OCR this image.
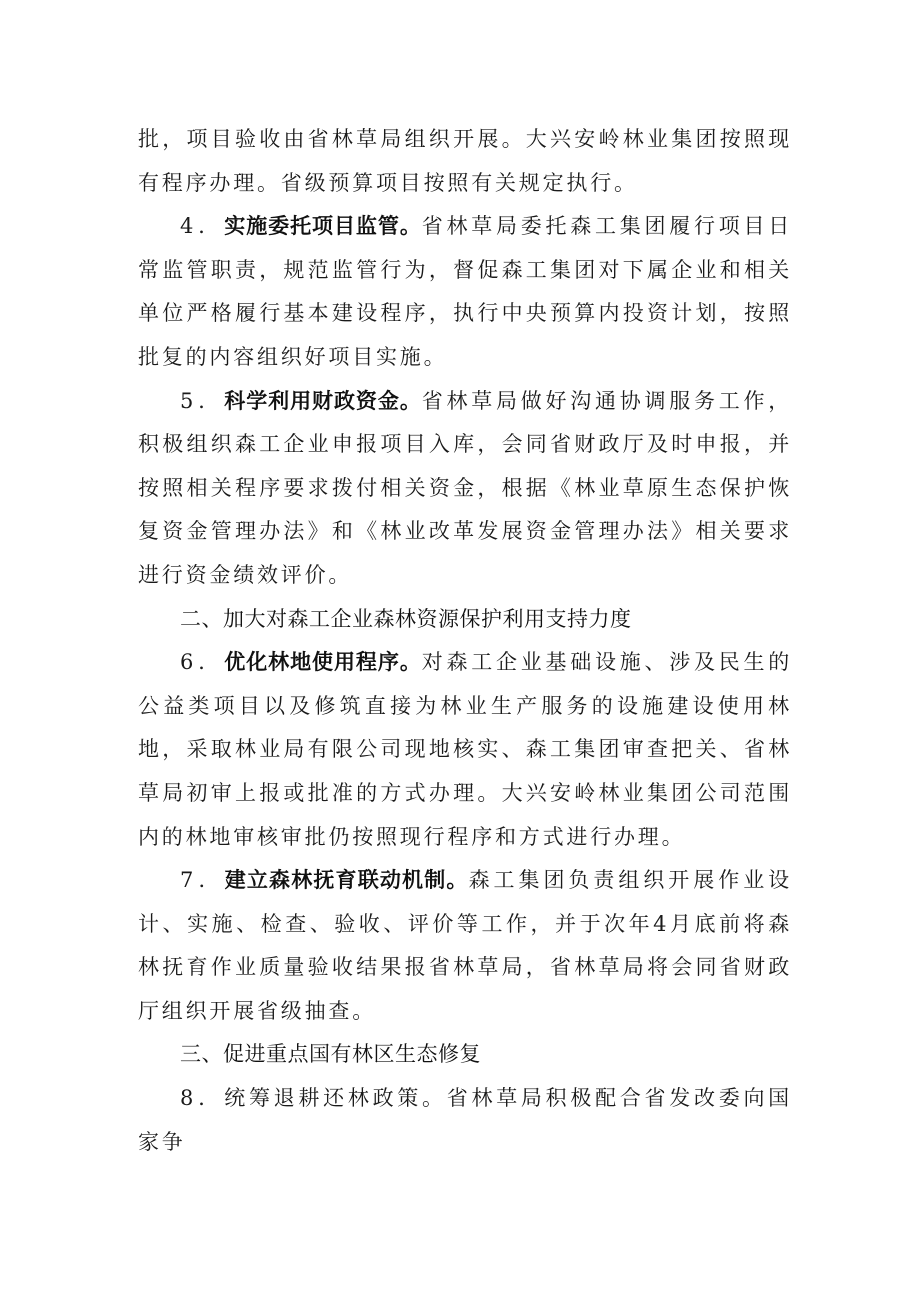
批，项目验收由省林草局组织开展。大兴安岭林业集团按照现有程序办理。省级预算项目按照有关规定执行。

4．实施委托项目监管。省林草局委托森工集团履行项目日常监管职责，规范监管行为，督促森工集团对下属企业和相关单位严格履行基本建设程序，执行中央预算内投资计划，按照批复的内容组织好项目实施。

5．科学利用财政资金。省林草局做好沟通协调服务工作，积极组织森工企业申报项目入库，会同省财政厅及时申报，并按照相关程序要求拨付相关资金，根据《林业草原生态保护恢复资金管理办法》和《林业改革发展资金管理办法》相关要求进行资金绩效评价。

二、加大对森工企业森林资源保护利用支持力度

6．优化林地使用程序。对森工企业基础设施、涉及民生的公益类项目以及修筑直接为林业生产服务的设施建设使用林地，采取林业局有限公司现地核实、森工集团审查把关、省林草局初审上报或批准的方式办理。大兴安岭林业集团公司范围内的林地审核审批仍按照现行程序和方式进行办理。

7．建立森林抚育联动机制。森工集团负责组织开展作业设计、实施、检查、验收、评价等工作，并于次年4月底前将森林抚育作业质量验收结果报省林草局，省林草局将会同省财政厅组织开展省级抽查。

三、促进重点国有林区生态修复

8．统筹退耕还林政策。省林草局积极配合省发改委向国家争
